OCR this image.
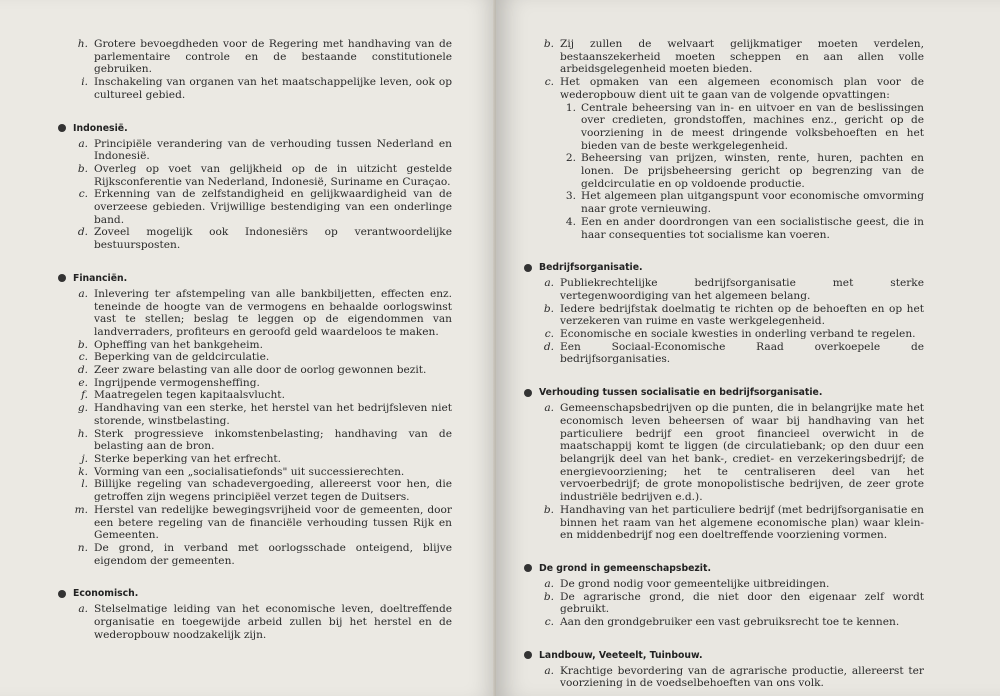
h. Grotere bevoegdheden voor de Regering met handhaving van de parlementaire controle en de bestaande constitutionele gebruiken.
i. Inschakeling van organen van het maatschappelijke leven, ook op cultureel gebied.
Indonesië.
a. Principiële verandering van de verhouding tussen Nederland en Indonesië.
b. Overleg op voet van gelijkheid op de in uitzicht gestelde Rijksconferentie van Nederland, Indonesië, Suriname en Curaçao.
c. Erkenning van de zelfstandigheid en gelijkwaardigheid van de overzeese gebieden. Vrijwillige bestendiging van een onderlinge band.
d. Zoveel mogelijk ook Indonesiërs op verantwoordelijke bestuursposten.
Financiën.
a. Inlevering ter afstempeling van alle bankbiljetten, effecten enz. teneinde de hoogte van de vermogens en behaalde oorlogswinst vast te stellen; beslag te leggen op de eigendommen van landverraders, profiteurs en geroofd geld waardeloos te maken.
b. Opheffing van het bankgeheim.
c. Beperking van de geldcirculatie.
d. Zeer zware belasting van alle door de oorlog gewonnen bezit.
e. Ingrijpende vermogensheffing.
f. Maatregelen tegen kapitaalsvlucht.
g. Handhaving van een sterke, het herstel van het bedrijfsleven niet storende, winstbelasting.
h. Sterk progressieve inkomstenbelasting; handhaving van de belasting aan de bron.
j. Sterke beperking van het erfrecht.
k. Vorming van een „socialisatiefonds" uit successierechten.
l. Billijke regeling van schadevergoeding, allereerst voor hen, die getroffen zijn wegens principiëel verzet tegen de Duitsers.
m. Herstel van redelijke bewegingsvrijheid voor de gemeenten, door een betere regeling van de financiële verhouding tussen Rijk en Gemeenten.
n. De grond, in verband met oorlogsschade onteigend, blijve eigendom der gemeenten.
Economisch.
a. Stelselmatige leiding van het economische leven, doeltreffende organisatie en toegewijde arbeid zullen bij het herstel en de wederopbouw noodzakelijk zijn.
b. Zij zullen de welvaart gelijkmatiger moeten verdelen, bestaanszekerheid moeten scheppen en aan allen volle arbeidsgelegenheid moeten bieden.
c. Het opmaken van een algemeen economisch plan voor de wederopbouw dient uit te gaan van de volgende opvattingen:
1. Centrale beheersing van in- en uitvoer en van de beslissingen over credieten, grondstoffen, machines enz., gericht op de voorziening in de meest dringende volksbehoeften en het bieden van de beste werkgelegenheid.
2. Beheersing van prijzen, winsten, rente, huren, pachten en lonen. De prijsbeheersing gericht op begrenzing van de geldcirculatie en op voldoende productie.
3. Het algemeen plan uitgangspunt voor economische omvorming naar grote vernieuwing.
4. Een en ander doordrongen van een socialistische geest, die in haar consequenties tot socialisme kan voeren.
Bedrijfsorganisatie.
a. Publiekrechtelijke bedrijfsorganisatie met sterke vertegenwoordiging van het algemeen belang.
b. Iedere bedrijfstak doelmatig te richten op de behoeften en op het verzekeren van ruime en vaste werkgelegenheid.
c. Economische en sociale kwesties in onderling verband te regelen.
d. Een Sociaal-Economische Raad overkoepele de bedrijfsorganisaties.
Verhouding tussen socialisatie en bedrijfsorganisatie.
a. Gemeenschapsbedrijven op die punten, die in belangrijke mate het economisch leven beheersen of waar bij handhaving van het particuliere bedrijf een groot financieel overwicht in de maatschappij komt te liggen (de circulatiebank; op den duur een belangrijk deel van het bank-, crediet- en verzekeringsbedrijf; de energievoorziening; het te centraliseren deel van het vervoerbedrijf; de grote monopolistische bedrijven, de zeer grote industriële bedrijven e.d.).
b. Handhaving van het particuliere bedrijf (met bedrijfsorganisatie en binnen het raam van het algemene economische plan) waar klein- en middenbedrijf nog een doeltreffende voorziening vormen.
De grond in gemeenschapsbezit.
a. De grond nodig voor gemeentelijke uitbreidingen.
b. De agrarische grond, die niet door den eigenaar zelf wordt gebruikt.
c. Aan den grondgebruiker een vast gebruiksrecht toe te kennen.
Landbouw, Veeteelt, Tuinbouw.
a. Krachtige bevordering van de agrarische productie, allereerst ter voorziening in de voedselbehoeften van ons volk.
